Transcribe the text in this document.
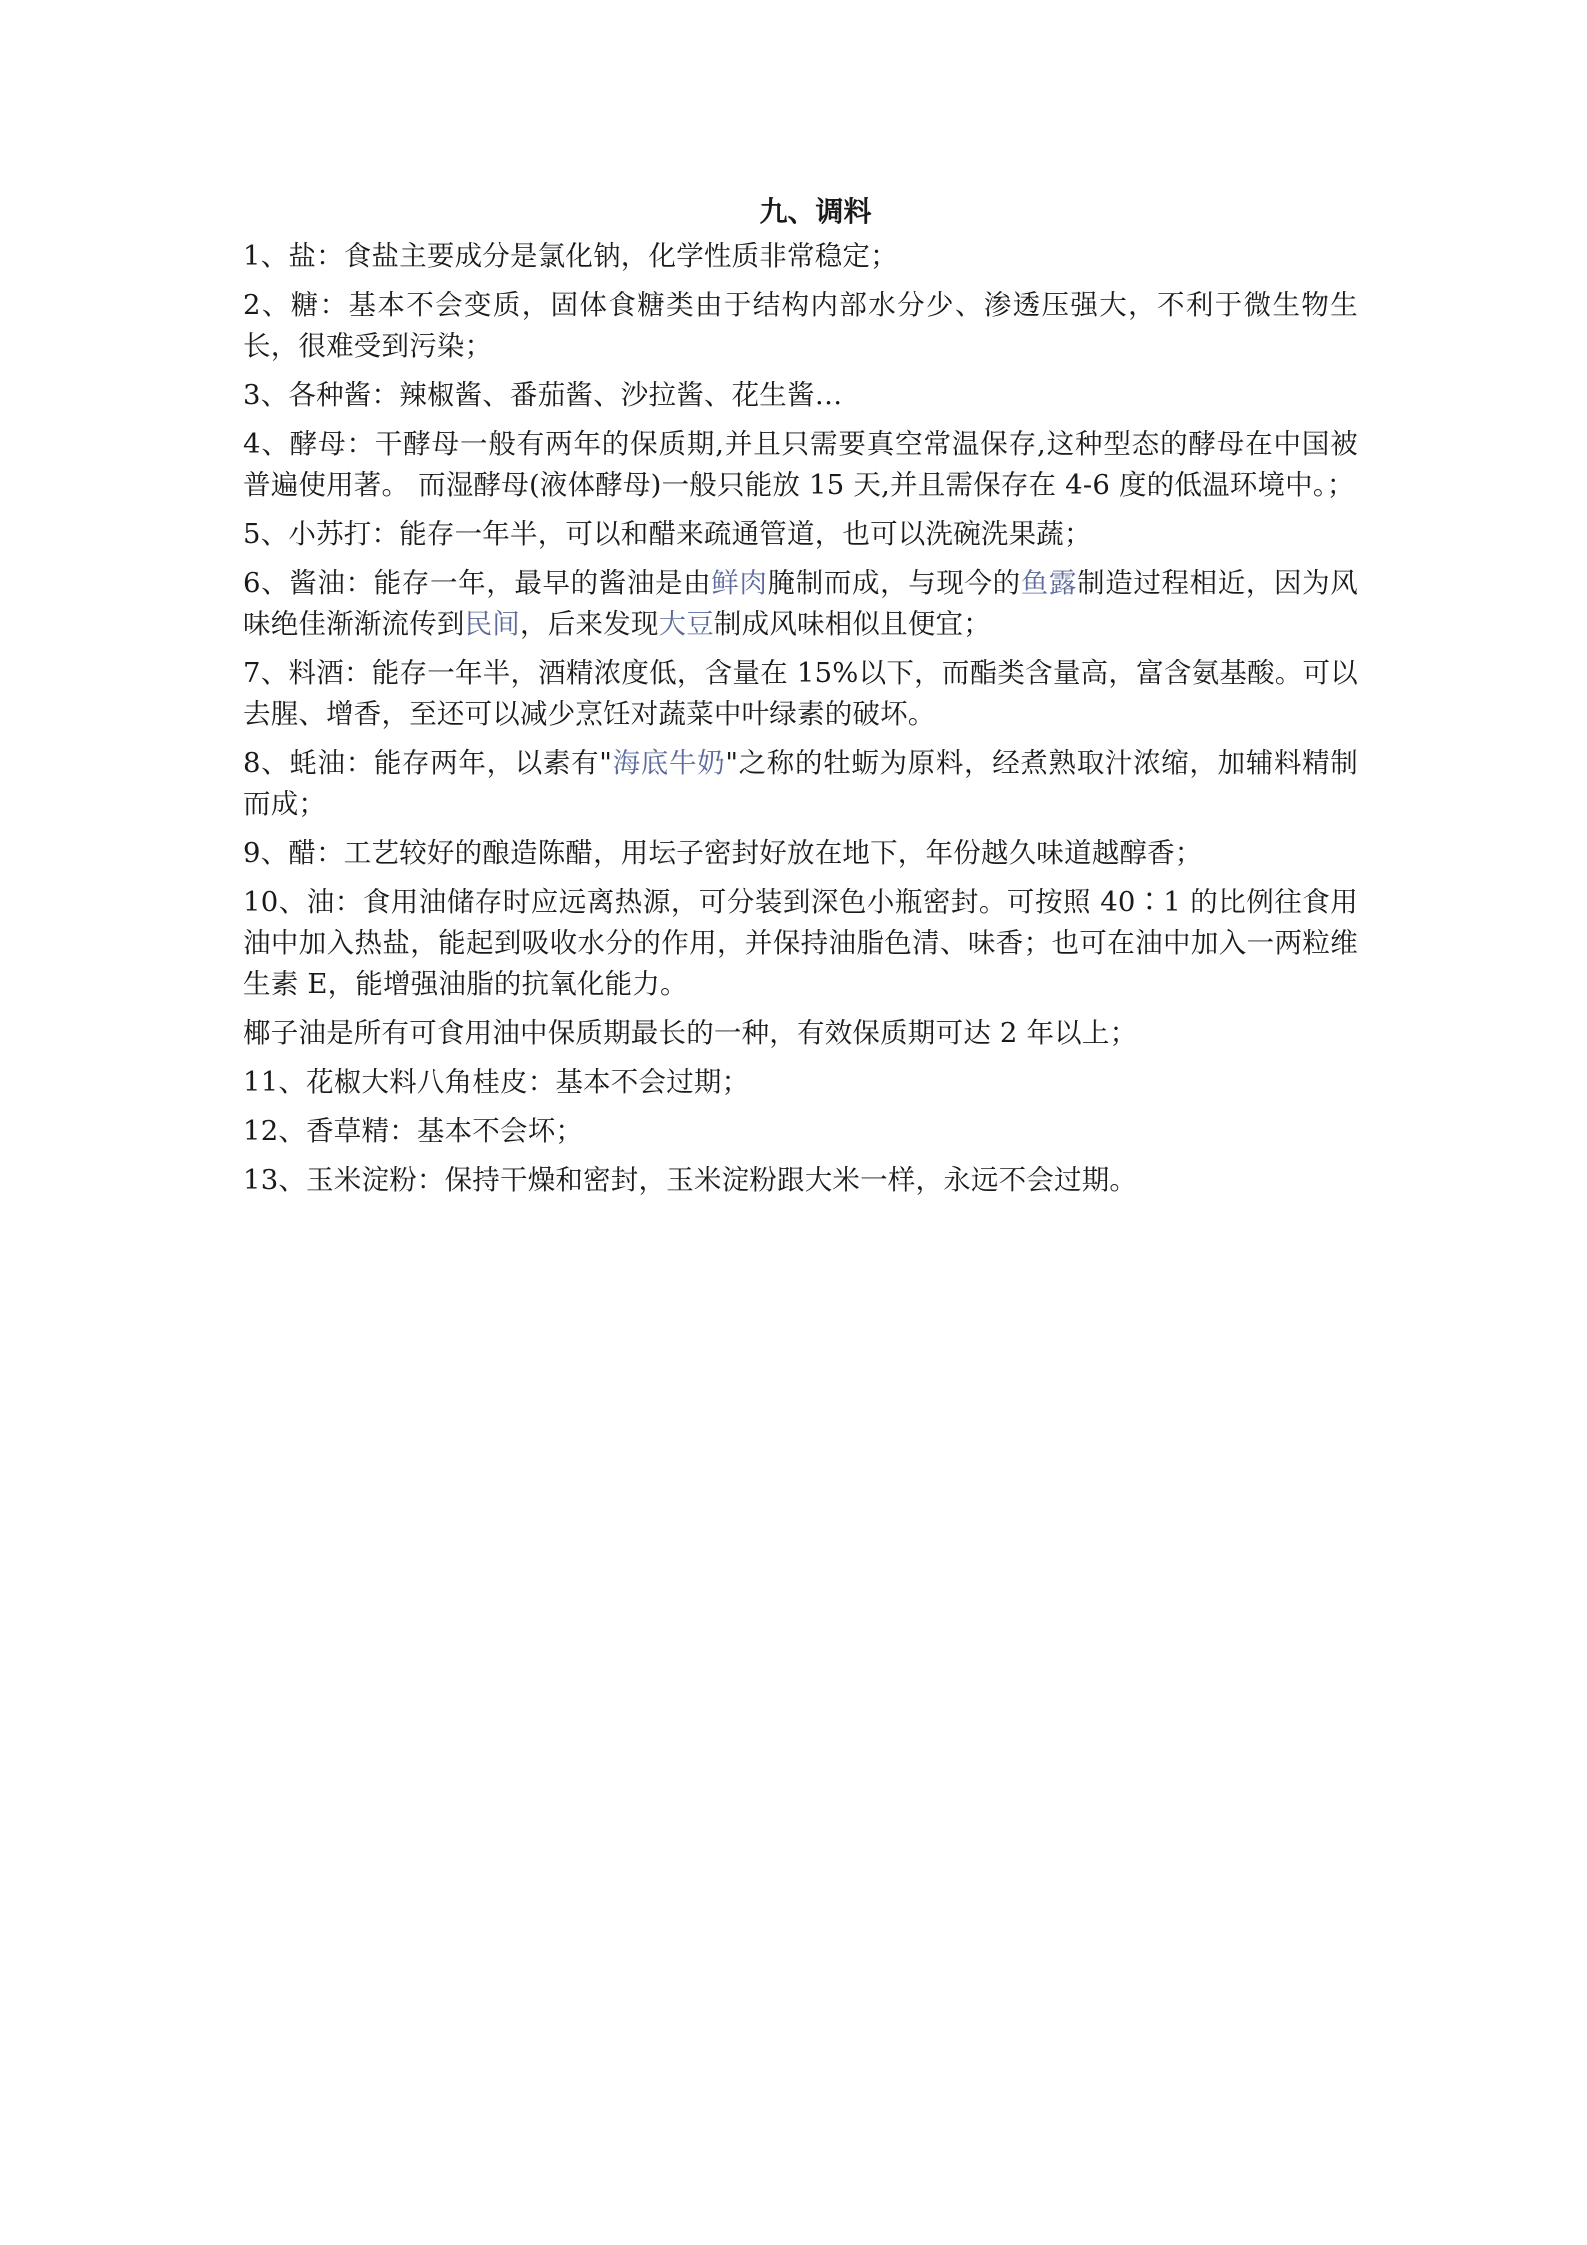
九、调料

1、盐：食盐主要成分是氯化钠，化学性质非常稳定；

2、糖：基本不会变质，固体食糖类由于结构内部水分少、渗透压强大，不利于微生物生长，很难受到污染；

3、各种酱：辣椒酱、番茄酱、沙拉酱、花生酱…

4、酵母：干酵母一般有两年的保质期,并且只需要真空常温保存,这种型态的酵母在中国被普遍使用著。 而湿酵母(液体酵母)一般只能放 15 天,并且需保存在 4-6 度的低温环境中。；

5、小苏打：能存一年半，可以和醋来疏通管道，也可以洗碗洗果蔬；

6、酱油：能存一年，最早的酱油是由鲜肉腌制而成，与现今的鱼露制造过程相近，因为风味绝佳渐渐流传到民间，后来发现大豆制成风味相似且便宜；

7、料酒：能存一年半，酒精浓度低，含量在 15%以下，而酯类含量高，富含氨基酸。可以去腥、增香，至还可以减少烹饪对蔬菜中叶绿素的破坏。

8、蚝油：能存两年，以素有"海底牛奶"之称的牡蛎为原料，经煮熟取汁浓缩，加辅料精制而成；

9、醋：工艺较好的酿造陈醋，用坛子密封好放在地下，年份越久味道越醇香；

10、油：食用油储存时应远离热源，可分装到深色小瓶密封。可按照 40∶1 的比例往食用油中加入热盐，能起到吸收水分的作用，并保持油脂色清、味香；也可在油中加入一两粒维生素 E，能增强油脂的抗氧化能力。

椰子油是所有可食用油中保质期最长的一种，有效保质期可达 2 年以上；

11、花椒大料八角桂皮：基本不会过期；

12、香草精：基本不会坏；

13、玉米淀粉：保持干燥和密封，玉米淀粉跟大米一样，永远不会过期。
